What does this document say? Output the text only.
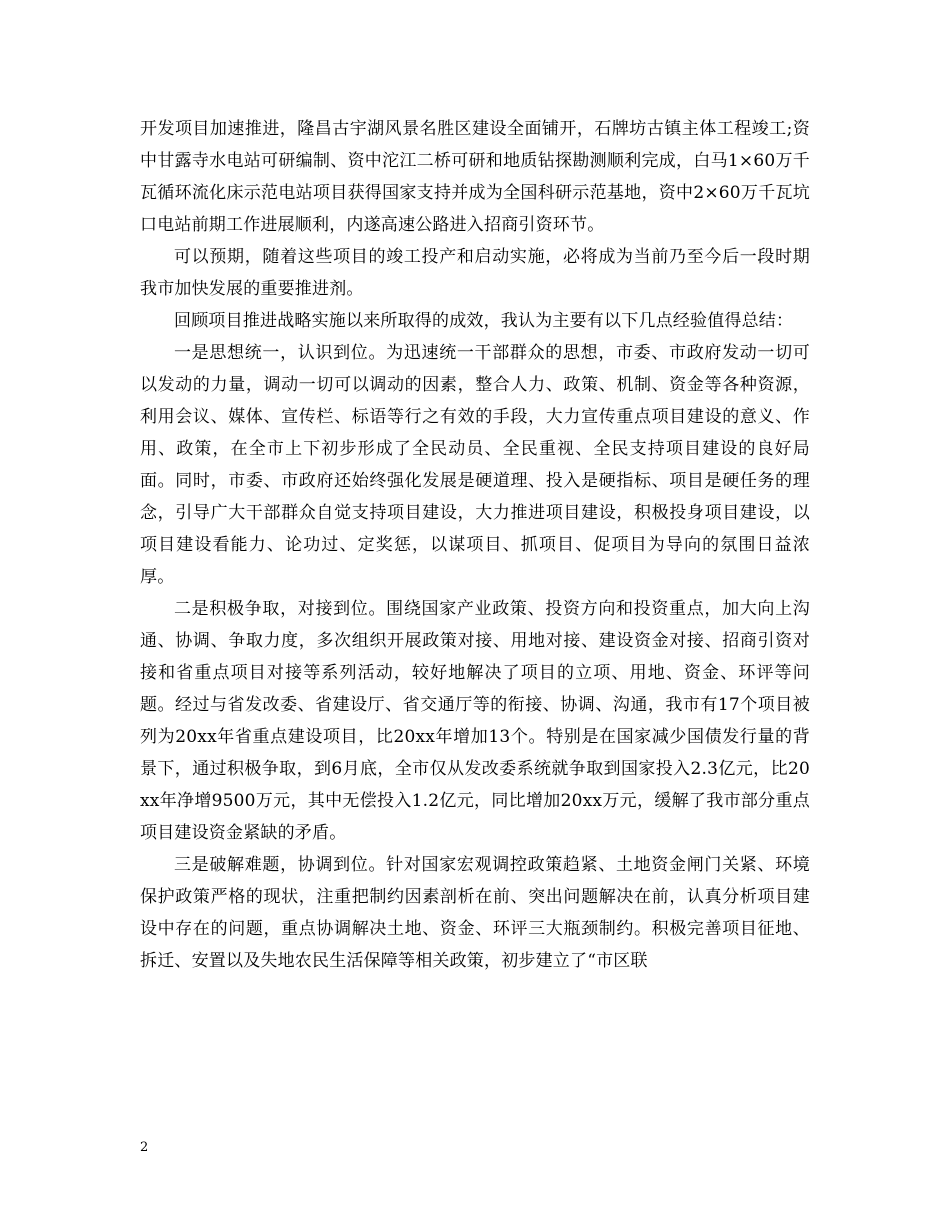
开发项目加速推进，隆昌古宇湖风景名胜区建设全面铺开，石牌坊古镇主体工程竣工;资中甘露寺水电站可研编制、资中沱江二桥可研和地质钻探勘测顺利完成，白马1×60万千瓦循环流化床示范电站项目获得国家支持并成为全国科研示范基地，资中2×60万千瓦坑口电站前期工作进展顺利，内遂高速公路进入招商引资环节。

可以预期，随着这些项目的竣工投产和启动实施，必将成为当前乃至今后一段时期我市加快发展的重要推进剂。

回顾项目推进战略实施以来所取得的成效，我认为主要有以下几点经验值得总结：

一是思想统一，认识到位。为迅速统一干部群众的思想，市委、市政府发动一切可以发动的力量，调动一切可以调动的因素，整合人力、政策、机制、资金等各种资源，利用会议、媒体、宣传栏、标语等行之有效的手段，大力宣传重点项目建设的意义、作用、政策，在全市上下初步形成了全民动员、全民重视、全民支持项目建设的良好局面。同时，市委、市政府还始终强化发展是硬道理、投入是硬指标、项目是硬任务的理念，引导广大干部群众自觉支持项目建设，大力推进项目建设，积极投身项目建设，以项目建设看能力、论功过、定奖惩，以谋项目、抓项目、促项目为导向的氛围日益浓厚。

二是积极争取，对接到位。围绕国家产业政策、投资方向和投资重点，加大向上沟通、协调、争取力度，多次组织开展政策对接、用地对接、建设资金对接、招商引资对接和省重点项目对接等系列活动，较好地解决了项目的立项、用地、资金、环评等问题。经过与省发改委、省建设厅、省交通厅等的衔接、协调、沟通，我市有17个项目被列为20xx年省重点建设项目，比20xx年增加13个。特别是在国家减少国债发行量的背景下，通过积极争取，到6月底，全市仅从发改委系统就争取到国家投入2.3亿元，比20xx年净增9500万元，其中无偿投入1.2亿元，同比增加20xx万元，缓解了我市部分重点项目建设资金紧缺的矛盾。

三是破解难题，协调到位。针对国家宏观调控政策趋紧、土地资金闸门关紧、环境保护政策严格的现状，注重把制约因素剖析在前、突出问题解决在前，认真分析项目建设中存在的问题，重点协调解决土地、资金、环评三大瓶颈制约。积极完善项目征地、拆迁、安置以及失地农民生活保障等相关政策，初步建立了“市区联

2
